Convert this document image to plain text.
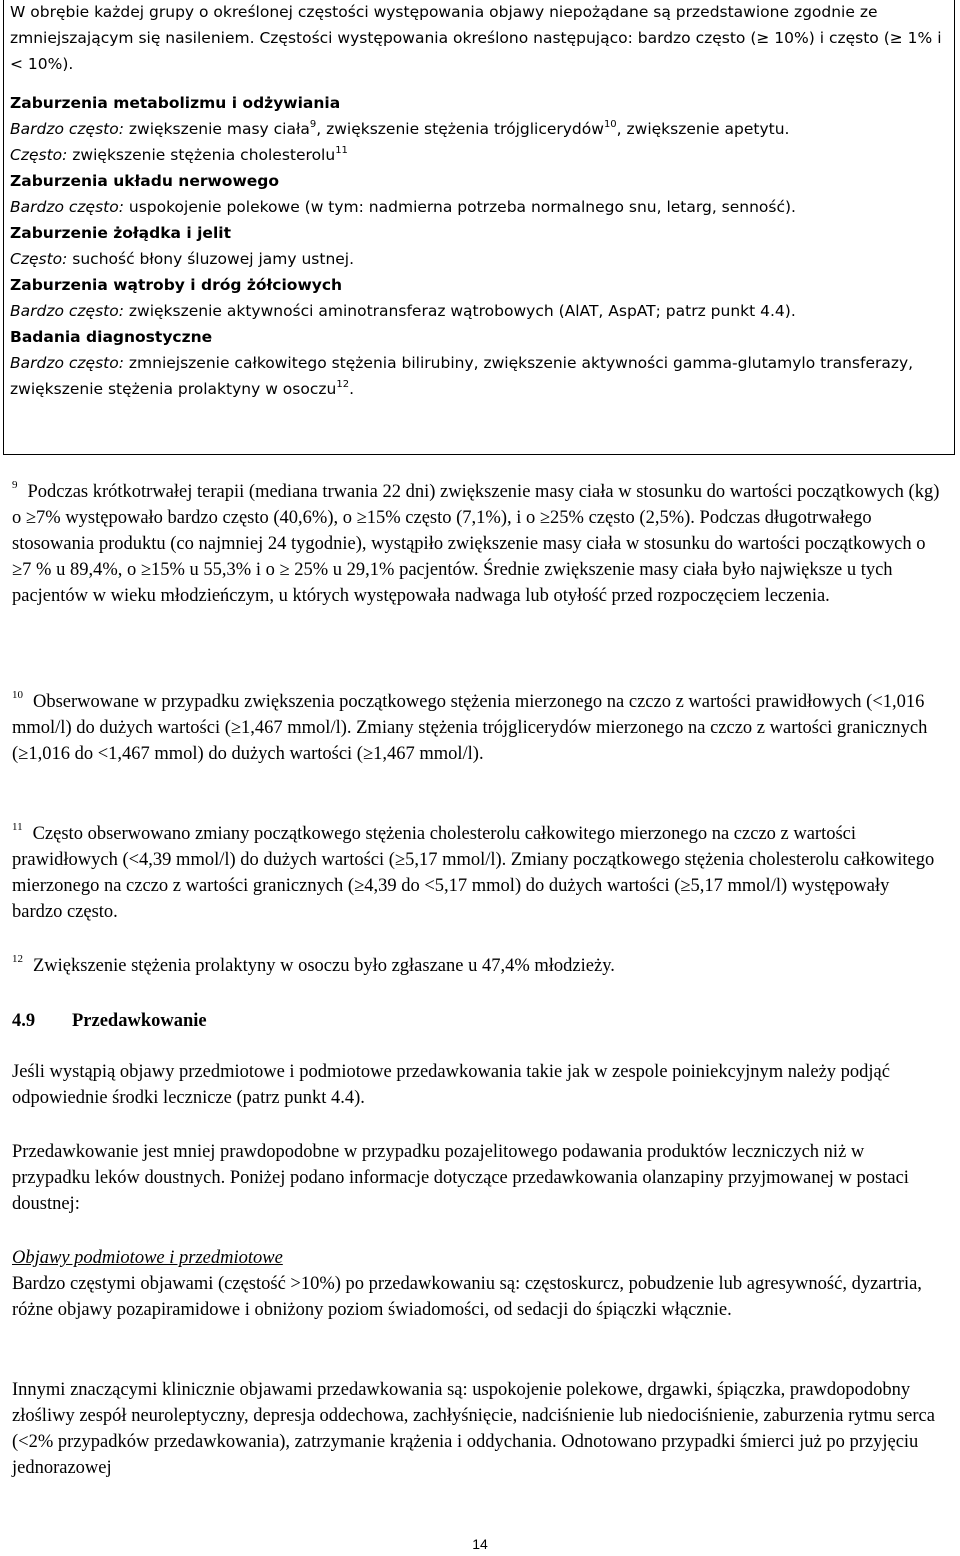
W obrębie każdej grupy o określonej częstości występowania objawy niepożądane są przedstawione zgodnie ze zmniejszającym się nasileniem. Częstości występowania określono następująco: bardzo często (≥ 10%) i często (≥ 1% i < 10%).

Zaburzenia metabolizmu i odżywiania

Bardzo często: zwiększenie masy ciała$^9$, zwiększenie stężenia trójglicerydów$^{10}$, zwiększenie apetytu.

Często: zwiększenie stężenia cholesterolu$^{11}$

Zaburzenia układu nerwowego

Bardzo często: uspokojenie polekowe (w tym: nadmierna potrzeba normalnego snu, letarg, senność).

Zaburzenie żołądka i jelit

Często: suchość błony śluzowej jamy ustnej.

Zaburzenia wątroby i dróg żółciowych

Bardzo często: zwiększenie aktywności aminotransferaz wątrobowych (AlAT, AspAT; patrz punkt 4.4).

Badania diagnostyczne

Bardzo często: zmniejszenie całkowitego stężenia bilirubiny, zwiększenie aktywności gamma-glutamylo transferazy, zwiększenie stężenia prolaktyny w osoczu$^{12}$.

$^9$ Podczas krótkotrwałej terapii (mediana trwania 22 dni) zwiększenie masy ciała w stosunku do wartości początkowych (kg) o ≥7% występowało bardzo często (40,6%), o ≥15% często (7,1%), i o ≥25% często (2,5%). Podczas długotrwałego stosowania produktu (co najmniej 24 tygodnie), wystąpiło zwiększenie masy ciała w stosunku do wartości początkowych o ≥7 % u 89,4%, o ≥15% u 55,3% i o ≥ 25% u 29,1% pacjentów. Średnie zwiększenie masy ciała było największe u tych pacjentów w wieku młodzieńczym, u których występowała nadwaga lub otyłość przed rozpoczęciem leczenia.

$^{10}$ Obserwowane w przypadku zwiększenia początkowego stężenia mierzonego na czczo z wartości prawidłowych (<1,016 mmol/l) do dużych wartości (≥1,467 mmol/l). Zmiany stężenia trójglicerydów mierzonego na czczo z wartości granicznych (≥1,016 do <1,467 mmol) do dużych wartości (≥1,467 mmol/l).

$^{11}$ Często obserwowano zmiany początkowego stężenia cholesterolu całkowitego mierzonego na czczo z wartości prawidłowych (<4,39 mmol/l) do dużych wartości (≥5,17 mmol/l). Zmiany początkowego stężenia cholesterolu całkowitego mierzonego na czczo z wartości granicznych (≥4,39 do <5,17 mmol) do dużych wartości (≥5,17 mmol/l) występowały bardzo często.

$^{12}$ Zwiększenie stężenia prolaktyny w osoczu było zgłaszane u 47,4% młodzieży.

4.9 Przedawkowanie

Jeśli wystąpią objawy przedmiotowe i podmiotowe przedawkowania takie jak w zespole poiniekcyjnym należy podjąć odpowiednie środki lecznicze (patrz punkt 4.4).

Przedawkowanie jest mniej prawdopodobne w przypadku pozajelitowego podawania produktów leczniczych niż w przypadku leków doustnych. Poniżej podano informacje dotyczące przedawkowania olanzapiny przyjmowanej w postaci doustnej:

Objawy podmiotowe i przedmiotowe

Bardzo częstymi objawami (częstość >10%) po przedawkowaniu są: częstoskurcz, pobudzenie lub agresywność, dyzartria, różne objawy pozapiramidowe i obniżony poziom świadomości, od sedacji do śpiączki włącznie.

Innymi znaczącymi klinicznie objawami przedawkowania są: uspokojenie polekowe, drgawki, śpiączka, prawdopodobny złośliwy zespół neuroleptyczny, depresja oddechowa, zachłyśnięcie, nadciśnienie lub niedociśnienie, zaburzenia rytmu serca (<2% przypadków przedawkowania), zatrzymanie krążenia i oddychania. Odnotowano przypadki śmierci już po przyjęciu jednorazowej

14
